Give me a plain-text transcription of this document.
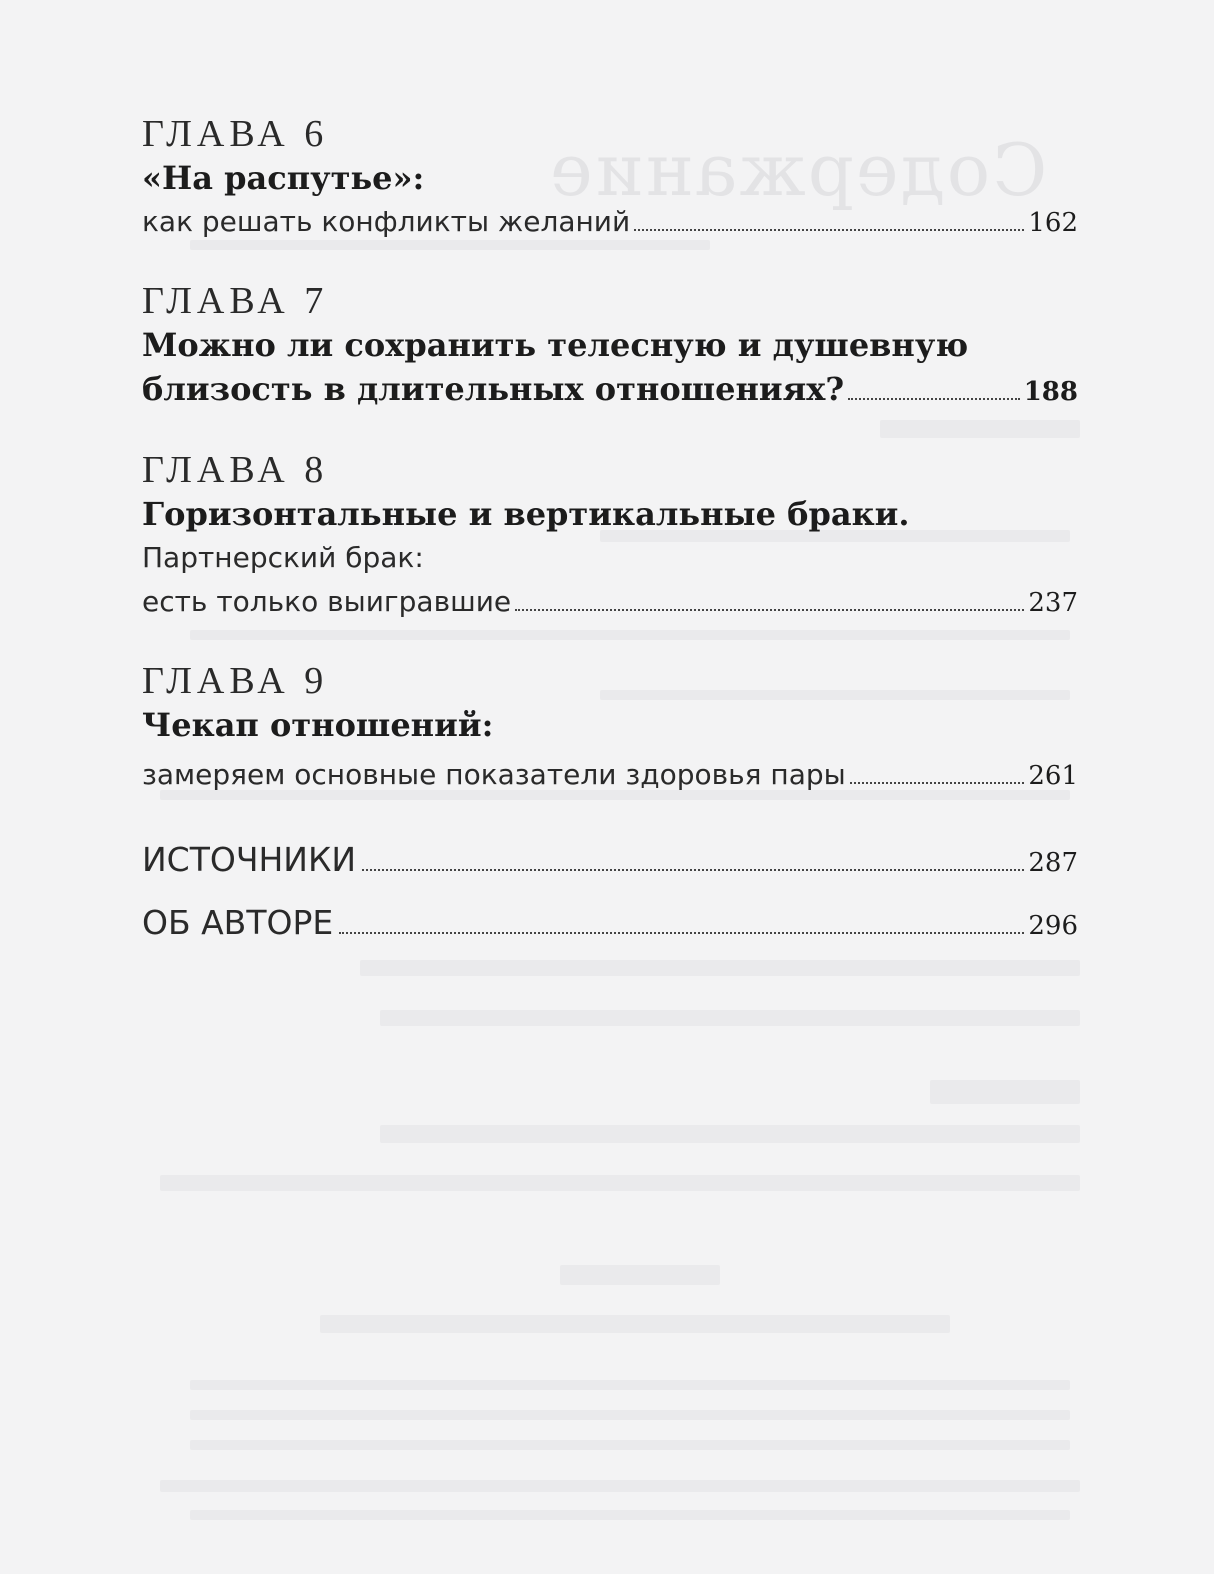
Содержание

ГЛАВА 6

«На распутье»:

как решать конфликты желаний	162

ГЛАВА 7

Можно ли сохранить телесную и душевную

близость в длительных отношениях?	188

ГЛАВА 8

Горизонтальные и вертикальные браки.

Партнерский брак:

есть только выигравшие	237

ГЛАВА 9

Чекап отношений:

замеряем основные показатели здоровья пары	261
ИСТОЧНИКИ	287
ОБ АВТОРЕ	296
